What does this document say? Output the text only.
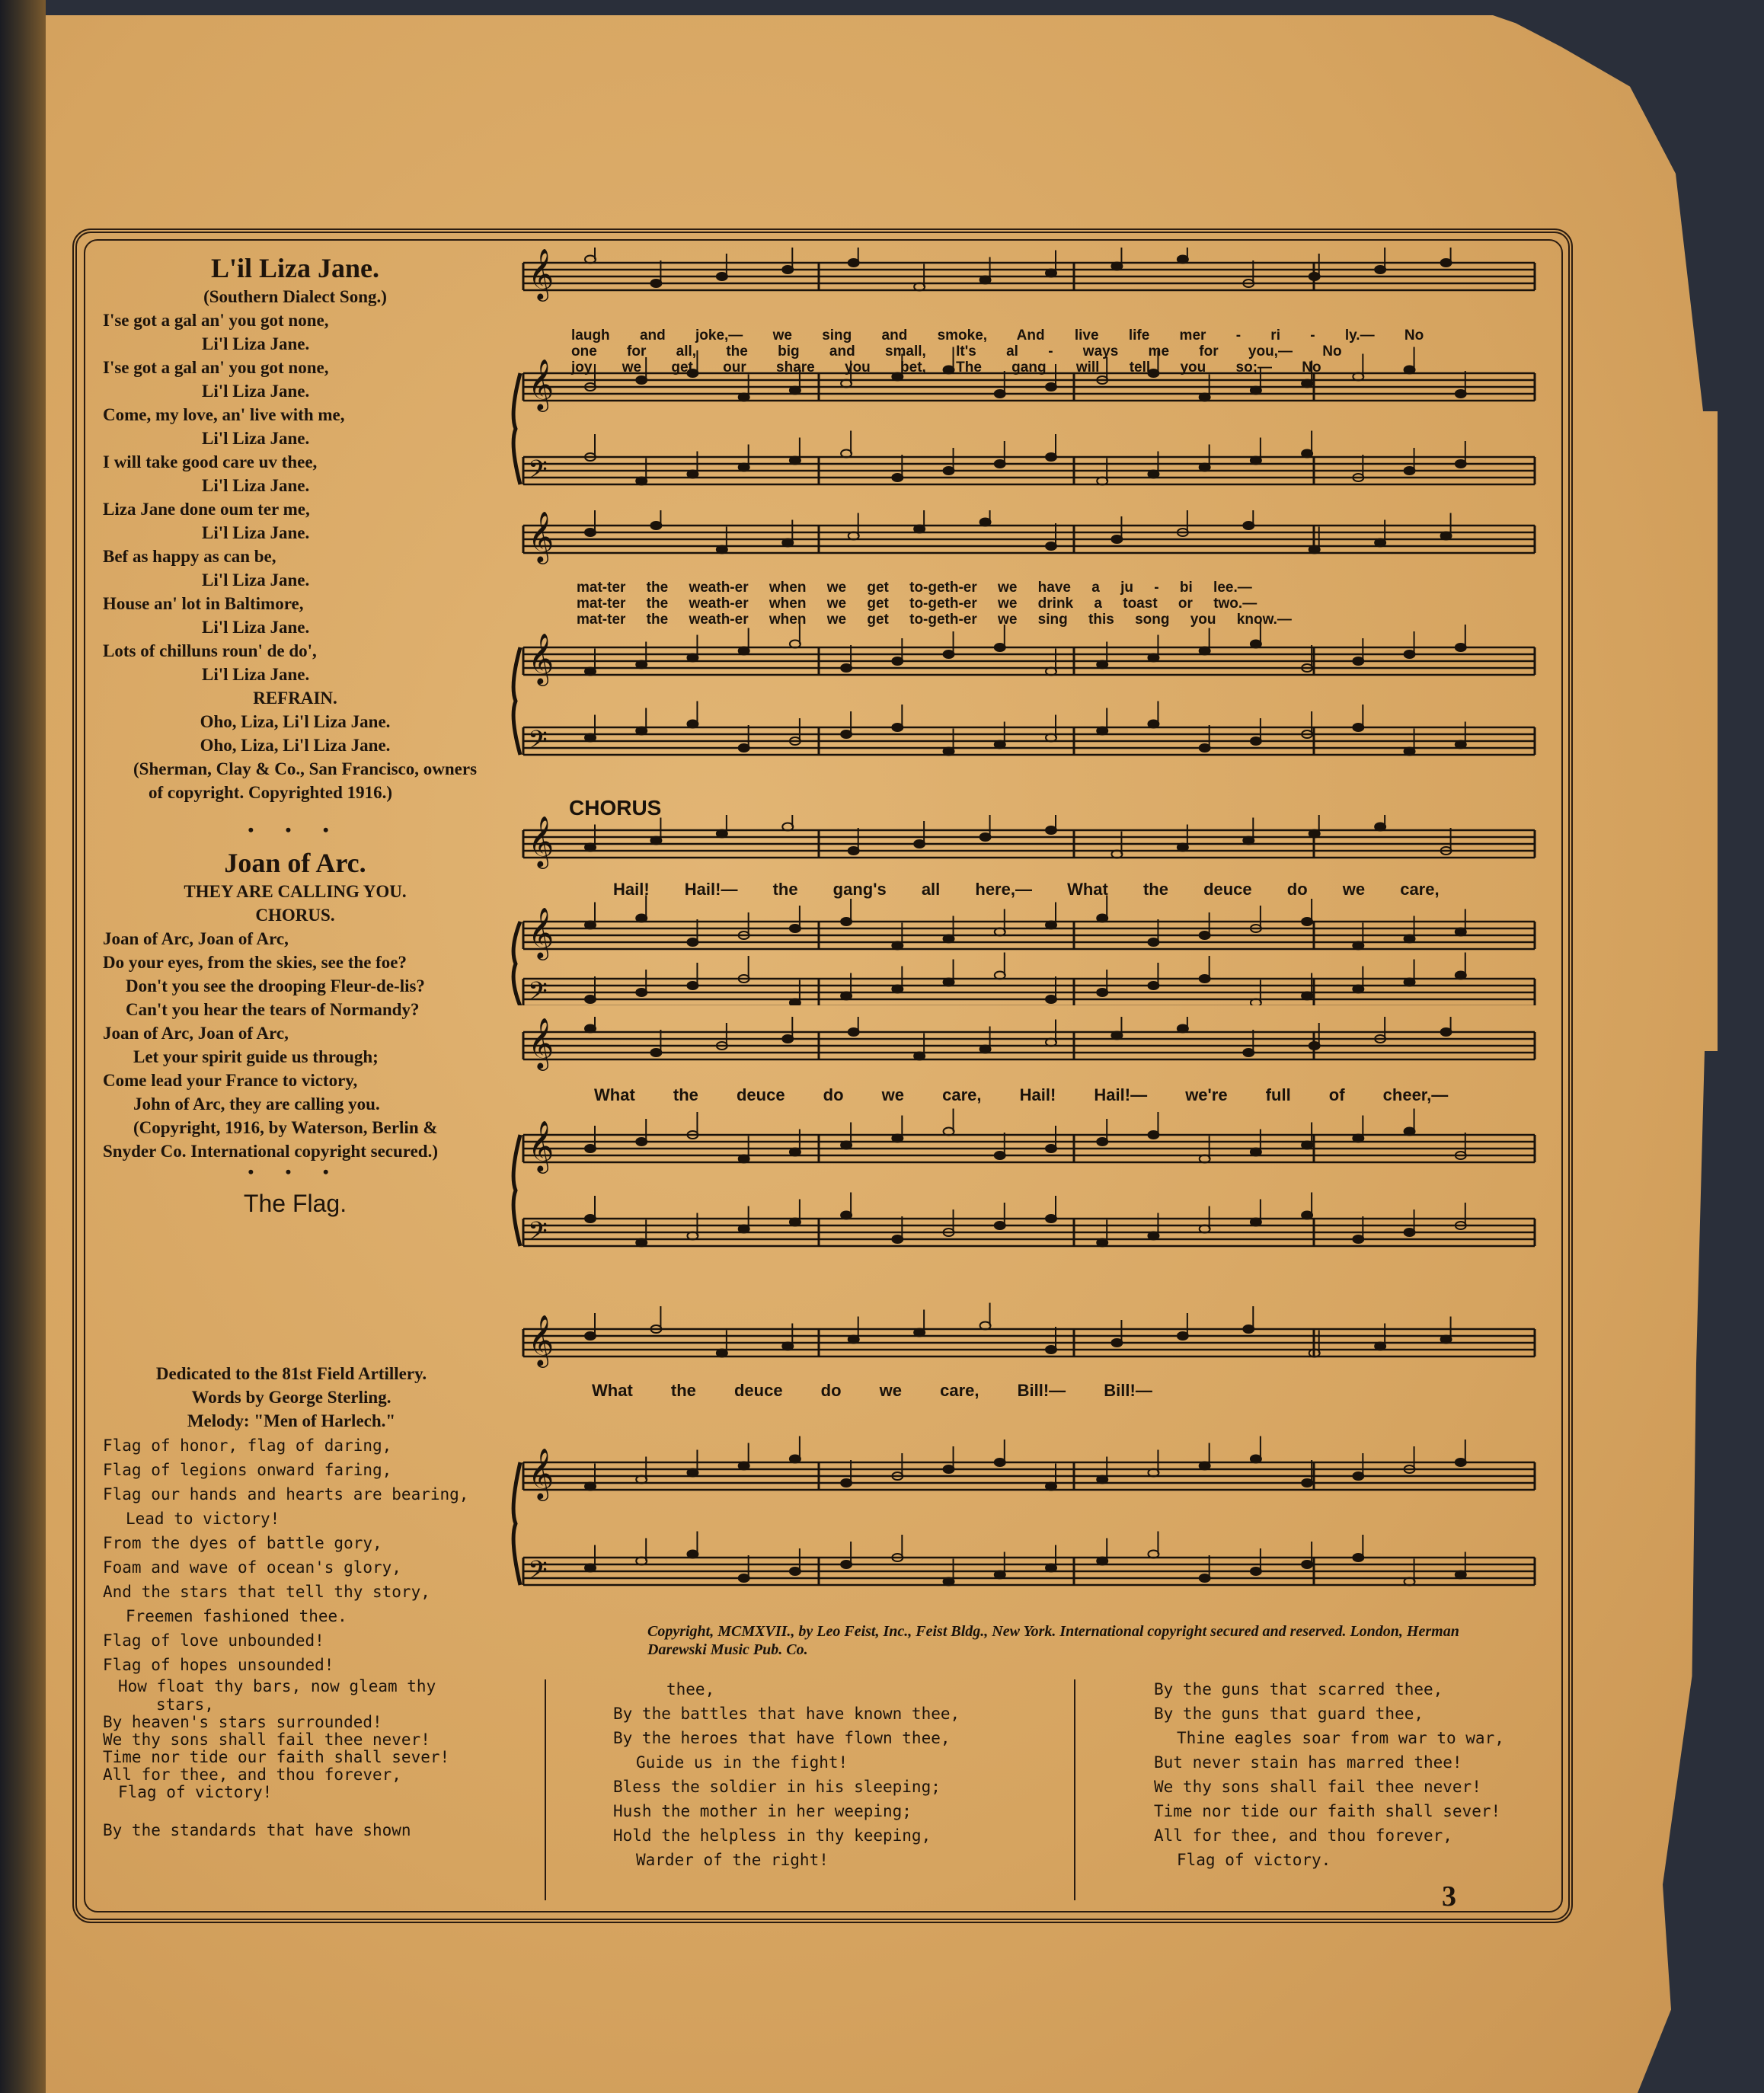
L'il Liza Jane.

(Southern Dialect Song.)

I'se got a gal an' you got none,

Li'l Liza Jane.

I'se got a gal an' you got none,

Li'l Liza Jane.

Come, my love, an' live with me,

Li'l Liza Jane.

I will take good care uv thee,

Li'l Liza Jane.

Liza Jane done oum ter me,

Li'l Liza Jane.

Bef as happy as can be,

Li'l Liza Jane.

House an' lot in Baltimore,

Li'l Liza Jane.

Lots of chilluns roun' de do',

Li'l Liza Jane.

REFRAIN.

Oho, Liza, Li'l Liza Jane.

Oho, Liza, Li'l Liza Jane.

(Sherman, Clay & Co., San Francisco, owners of copyright. Copyrighted 1916.)

• • •

Joan of Arc.

THEY ARE CALLING YOU.

CHORUS.

Joan of Arc, Joan of Arc,

Do your eyes, from the skies, see the foe?

Don't you see the drooping Fleur-de-lis?

Can't you hear the tears of Normandy?

Joan of Arc, Joan of Arc,

Let your spirit guide us through;

Come lead your France to victory,

John of Arc, they are calling you.

(Copyright, 1916, by Waterson, Berlin & Snyder Co. International copyright secured.)

• • •

The Flag.

Dedicated to the 81st Field Artillery.

Words by George Sterling.

Melody: "Men of Harlech."

Flag of honor, flag of daring,

Flag of legions onward faring,

Flag our hands and hearts are bearing,

Lead to victory!

From the dyes of battle gory,

Foam and wave of ocean's glory,

And the stars that tell thy story,

Freemen fashioned thee.

Flag of love unbounded!

Flag of hopes unsounded!

How float thy bars, now gleam thy stars,

By heaven's stars surrounded!

We thy sons shall fail thee never!

Time nor tide our faith shall sever!

All for thee, and thou forever,

Flag of victory!

By the standards that have shown

thee,

By the battles that have known thee,

By the heroes that have flown thee,

Guide us in the fight!

Bless the soldier in his sleeping;

Hush the mother in her weeping;

Hold the helpless in thy keeping,

Warder of the right!

By the guns that scarred thee,

By the guns that guard thee,

Thine eagles soar from war to war,

But never stain has marred thee!

We thy sons shall fail thee never!

Time nor tide our faith shall sever!

All for thee, and thou forever,

Flag of victory.

3
𝄞
𝄞
𝄢
laugh and joke,— we sing and smoke, And live life mer - ri - ly.— No
one for all, the big and small, It's al - ways me for you,— No
joy we get our share you bet, The gang will tell you so;— No
𝄞
𝄞
𝄢
mat-ter the weath-er when we get to-geth-er we have a ju - bi lee.—
mat-ter the weath-er when we get to-geth-er we drink a toast or two.—
mat-ter the weath-er when we get to-geth-er we sing this song you know.—
CHORUS
𝄞
𝄞
𝄢
Hail! Hail!— the gang's all here,— What the deuce do we care,
𝄞
𝄞
𝄢
What the deuce do we care, Hail! Hail!— we're full of cheer,—
𝄞
𝄞
𝄢
What the deuce do we care, Bill!— Bill!—
Copyright, MCMXVII., by Leo Feist, Inc., Feist Bldg., New York. International copyright secured and reserved. London, Herman Darewski Music Pub. Co.
